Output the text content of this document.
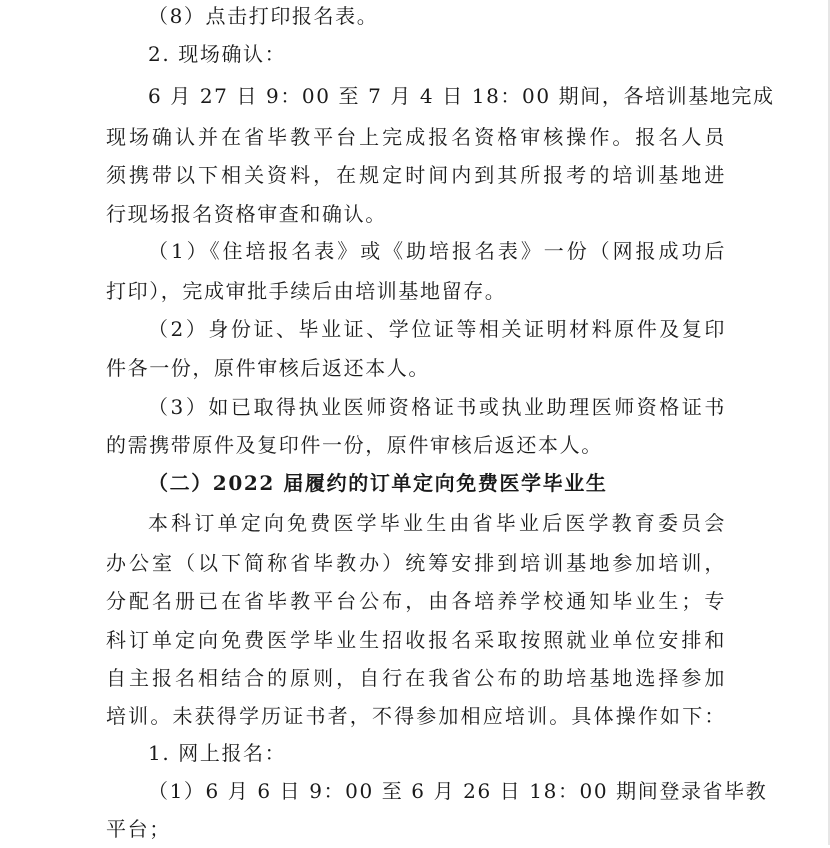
（8）点击打印报名表。
2. 现场确认：
6 月 27 日 9：00 至 7 月 4 日 18：00 期间，各培训基地完成
现场确认并在省毕教平台上完成报名资格审核操作。报名人员
须携带以下相关资料，在规定时间内到其所报考的培训基地进
行现场报名资格审查和确认。
（1）《住培报名表》或《助培报名表》一份（网报成功后
打印），完成审批手续后由培训基地留存。
（2）身份证、毕业证、学位证等相关证明材料原件及复印
件各一份，原件审核后返还本人。
（3）如已取得执业医师资格证书或执业助理医师资格证书
的需携带原件及复印件一份，原件审核后返还本人。
（二）2022 届履约的订单定向免费医学毕业生
本科订单定向免费医学毕业生由省毕业后医学教育委员会
办公室（以下简称省毕教办）统筹安排到培训基地参加培训，
分配名册已在省毕教平台公布，由各培养学校通知毕业生；专
科订单定向免费医学毕业生招收报名采取按照就业单位安排和
自主报名相结合的原则，自行在我省公布的助培基地选择参加
培训。未获得学历证书者，不得参加相应培训。具体操作如下：
1. 网上报名：
（1）6 月 6 日 9：00 至 6 月 26 日 18：00 期间登录省毕教
平台；
